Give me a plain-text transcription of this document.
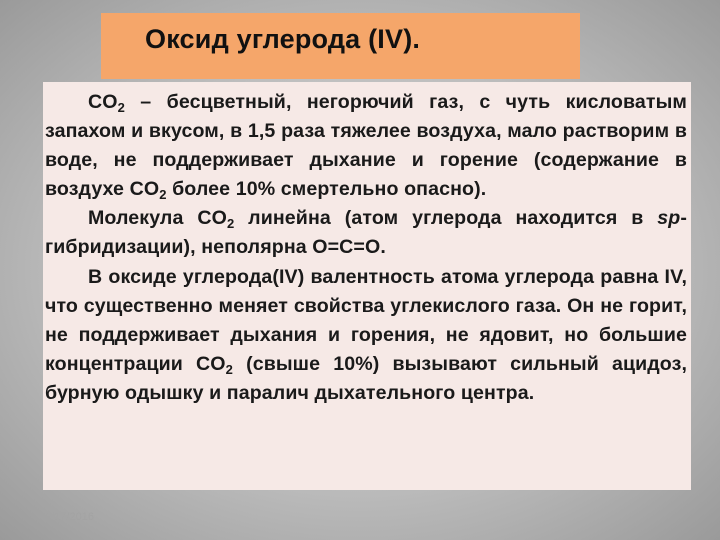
Оксид углерода (IV).

$CO_2$ – бесцветный, негорючий газ, с чуть кисловатым запахом и вкусом, в 1,5 раза тяжелее воздуха, мало растворим в воде, не поддерживает дыхание и горение (содержание в воздухе $CO_2$ более 10% смертельно опасно).

Молекула $CO_2$ линейна (атом углерода находится в sp-гибридизации), неполярна O=C=O.

В оксиде углерода(IV) валентность атома углерода равна IV, что существенно меняет свойства углекислого газа. Он не горит, не поддерживает дыхания и горения, не ядовит, но большие концентрации $CO_2$ (свыше 10%) вызывают сильный ацидоз, бурную одышку и паралич дыхательного центра.

3/17/2016
